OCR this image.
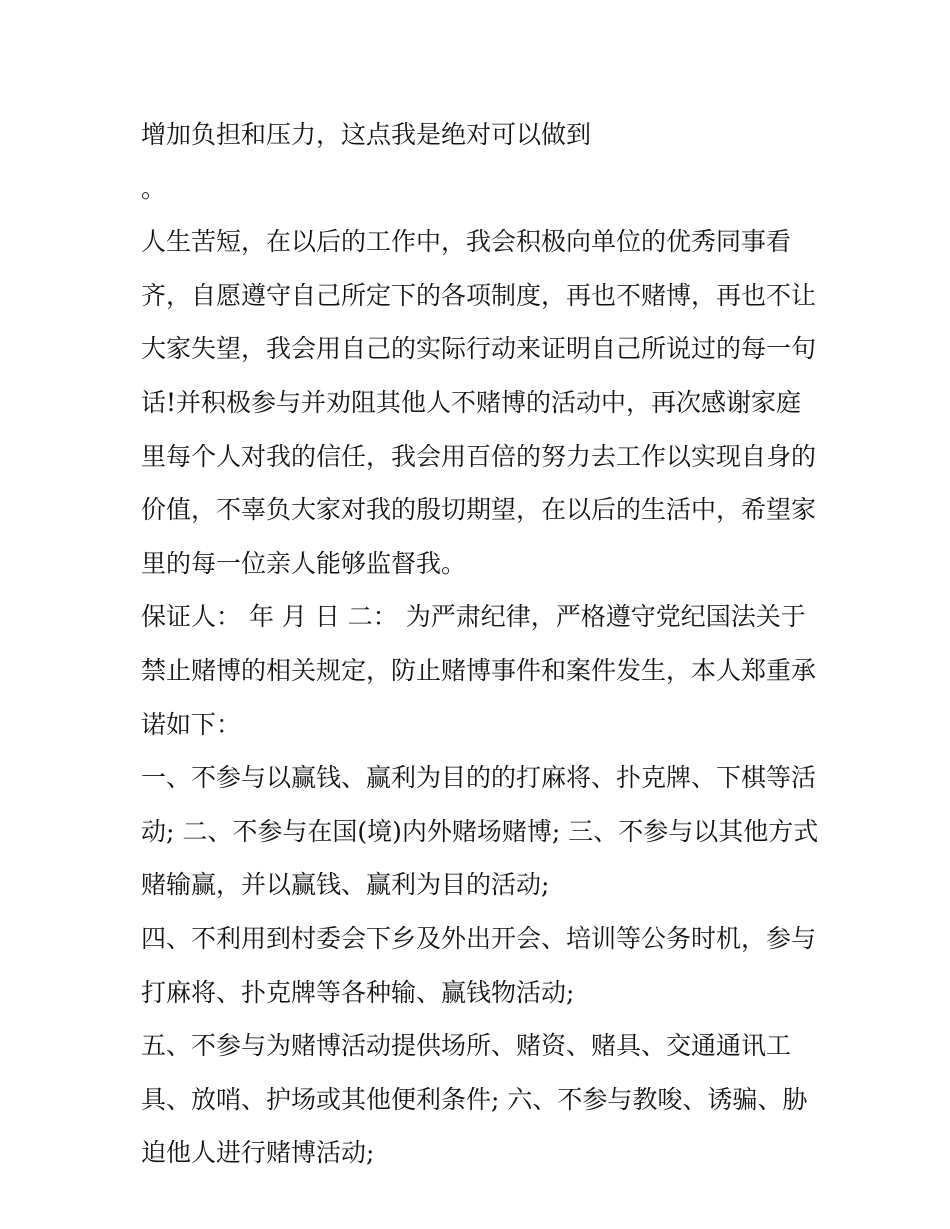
增加负担和压力，这点我是绝对可以做到
。
人生苦短，在以后的工作中，我会积极向单位的优秀同事看
齐，自愿遵守自己所定下的各项制度，再也不赌博，再也不让
大家失望，我会用自己的实际行动来证明自己所说过的每一句
话!并积极参与并劝阻其他人不赌博的活动中，再次感谢家庭
里每个人对我的信任，我会用百倍的努力去工作以实现自身的
价值，不辜负大家对我的殷切期望，在以后的生活中，希望家
里的每一位亲人能够监督我。
保证人： 年 月 日 二： 为严肃纪律，严格遵守党纪国法关于
禁止赌博的相关规定，防止赌博事件和案件发生，本人郑重承
诺如下：
一、不参与以赢钱、赢利为目的的打麻将、扑克牌、下棋等活
动; 二、不参与在国(境)内外赌场赌博; 三、不参与以其他方式
赌输赢，并以赢钱、赢利为目的活动;
四、不利用到村委会下乡及外出开会、培训等公务时机，参与
打麻将、扑克牌等各种输、赢钱物活动;
五、不参与为赌博活动提供场所、赌资、赌具、交通通讯工
具、放哨、护场或其他便利条件; 六、不参与教唆、诱骗、胁
迫他人进行赌博活动;
